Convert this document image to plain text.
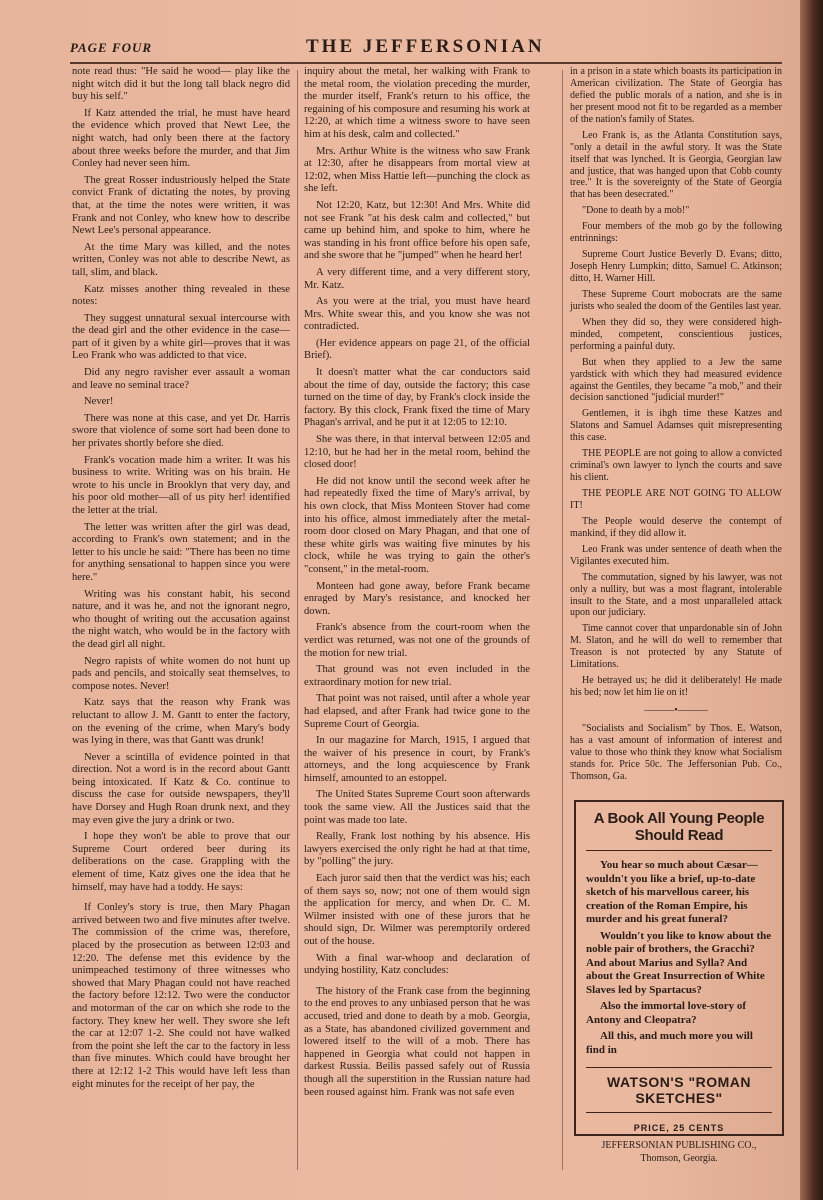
PAGE FOUR	THE JEFFERSONIAN

note read thus: "He said he wood— play like the night witch did it but the long tall black negro did buy his self."

If Katz attended the trial, he must have heard the evidence which proved that Newt Lee, the night watch, had only been there at the factory about three weeks before the murder, and that Jim Conley had never seen him.

The great Rosser industriously helped the State convict Frank of dictating the notes, by proving that, at the time the notes were written, it was Frank and not Conley, who knew how to describe Newt Lee's personal appearance.

At the time Mary was killed, and the notes written, Conley was not able to describe Newt, as tall, slim, and black.

Katz misses another thing revealed in these notes:

They suggest unnatural sexual intercourse with the dead girl and the other evidence in the case—part of it given by a white girl—proves that it was Leo Frank who was addicted to that vice.

Did any negro ravisher ever assault a woman and leave no seminal trace?

Never!

There was none at this case, and yet Dr. Harris swore that violence of some sort had been done to her privates shortly before she died.

Frank's vocation made him a writer. It was his business to write. Writing was on his brain. He wrote to his uncle in Brooklyn that very day, and his poor old mother—all of us pity her! identified the letter at the trial.

The letter was written after the girl was dead, according to Frank's own statement; and in the letter to his uncle he said: "There has been no time for anything sensational to happen since you were here."

Writing was his constant habit, his second nature, and it was he, and not the ignorant negro, who thought of writing out the accusation against the night watch, who would be in the factory with the dead girl all night.

Negro rapists of white women do not hunt up pads and pencils, and stoically seat themselves, to compose notes. Never!

Katz says that the reason why Frank was reluctant to allow J. M. Gantt to enter the factory, on the evening of the crime, when Mary's body was lying in there, was that Gantt was drunk!

Never a scintilla of evidence pointed in that direction. Not a word is in the record about Gantt being intoxicated. If Katz & Co. continue to discuss the case for outside newspapers, they'll have Dorsey and Hugh Roan drunk next, and they may even give the jury a drink or two.

I hope they won't be able to prove that our Supreme Court ordered beer during its deliberations on the case. Grappling with the element of time, Katz gives one the idea that he himself, may have had a toddy. He says:

If Conley's story is true, then Mary Phagan arrived between two and five minutes after twelve. The commission of the crime was, therefore, placed by the prosecution as between 12:03 and 12:20. The defense met this evidence by the unimpeached testimony of three witnesses who showed that Mary Phagan could not have reached the factory before 12:12. Two were the conductor and motorman of the car on which she rode to the factory. They knew her well. They swore she left the car at 12:07 1-2. She could not have walked from the point she left the car to the factory in less than five minutes. Which could have brought her there at 12:12 1-2 This would have left less than eight minutes for the receipt of her pay, the

inquiry about the metal, her walking with Frank to the metal room, the violation preceding the murder, the murder itself, Frank's return to his office, the regaining of his composure and resuming his work at 12:20, at which time a witness swore to have seen him at his desk, calm and collected."

Mrs. Arthur White is the witness who saw Frank at 12:30, after he disappears from mortal view at 12:02, when Miss Hattie left—punching the clock as she left.

Not 12:20, Katz, but 12:30! And Mrs. White did not see Frank "at his desk calm and collected," but came up behind him, and spoke to him, where he was standing in his front office before his open safe, and she swore that he "jumped" when he heard her!

A very different time, and a very different story, Mr. Katz.

As you were at the trial, you must have heard Mrs. White swear this, and you know she was not contradicted.

(Her evidence appears on page 21, of the official Brief).

It doesn't matter what the car conductors said about the time of day, outside the factory; this case turned on the time of day, by Frank's clock inside the factory. By this clock, Frank fixed the time of Mary Phagan's arrival, and he put it at 12:05 to 12:10.

She was there, in that interval between 12:05 and 12:10, but he had her in the metal room, behind the closed door!

He did not know until the second week after he had repeatedly fixed the time of Mary's arrival, by his own clock, that Miss Monteen Stover had come into his office, almost immediately after the metal-room door closed on Mary Phagan, and that one of these white girls was waiting five minutes by his clock, while he was trying to gain the other's "consent," in the metal-room.

Monteen had gone away, before Frank became enraged by Mary's resistance, and knocked her down.

Frank's absence from the court-room when the verdict was returned, was not one of the grounds of the motion for new trial.

That ground was not even included in the extraordinary motion for new trial.

That point was not raised, until after a whole year had elapsed, and after Frank had twice gone to the Supreme Court of Georgia.

In our magazine for March, 1915, I argued that the waiver of his presence in court, by Frank's attorneys, and the long acquiescence by Frank himself, amounted to an estoppel.

The United States Supreme Court soon afterwards took the same view. All the Justices said that the point was made too late.

Really, Frank lost nothing by his absence. His lawyers exercised the only right he had at that time, by "polling" the jury.

Each juror said then that the verdict was his; each of them says so, now; not one of them would sign the application for mercy, and when Dr. C. M. Wilmer insisted with one of these jurors that he should sign, Dr. Wilmer was peremptorily ordered out of the house.

With a final war-whoop and declaration of undying hostility, Katz concludes:

The history of the Frank case from the beginning to the end proves to any unbiased person that he was accused, tried and done to death by a mob. Georgia, as a State, has abandoned civilized government and lowered itself to the will of a mob. There has happened in Georgia what could not happen in darkest Russia. Beilis passed safely out of Russia though all the superstition in the Russian nature had been roused against him. Frank was not safe even

in a prison in a state which boasts its participation in American civilization. The State of Georgia has defied the public morals of a nation, and she is in her present mood not fit to be regarded as a member of the nation's family of States.

Leo Frank is, as the Atlanta Constitution says, "only a detail in the awful story. It was the State itself that was lynched. It is Georgia, Georgian law and justice, that was hanged upon that Cobb county tree." It is the sovereignty of the State of Georgia that has been desecrated."

"Done to death by a mob!"

Four members of the mob go by the following entrinnings:

Supreme Court Justice Beverly D. Evans; ditto, Joseph Henry Lumpkin; ditto, Samuel C. Atkinson; ditto, H. Warner Hill.

These Supreme Court mobocrats are the same jurists who sealed the doom of the Gentiles last year.

When they did so, they were considered high-minded, competent, conscientious justices, performing a painful duty.

But when they applied to a Jew the same yardstick with which they had measured evidence against the Gentiles, they became "a mob," and their decision sanctioned "judicial murder!"

Gentlemen, it is ihgh time these Katzes and Slatons and Samuel Adamses quit misrepresenting this case.

THE PEOPLE are not going to allow a convicted criminal's own lawyer to lynch the courts and save his client.

THE PEOPLE ARE NOT GOING TO ALLOW IT!

The People would deserve the contempt of mankind, if they did allow it.

Leo Frank was under sentence of death when the Vigilantes executed him.

The commutation, signed by his lawyer, was not only a nullity, but was a most flagrant, intolerable insult to the State, and a most unparalleled attack upon our judiciary.

Time cannot cover that unpardonable sin of John M. Slaton, and he will do well to remember that Treason is not protected by any Statute of Limitations.

He betrayed us; he did it deliberately! He made his bed; now let him lie on it!

———•———

"Socialists and Socialism" by Thos. E. Watson, has a vast amount of information of interest and value to those who think they know what Socialism stands for. Price 50c. The Jeffersonian Pub. Co., Thomson, Ga.

A Book All Young People Should Read

You hear so much about Cæsar—wouldn't you like a brief, up-to-date sketch of his marvellous career, his creation of the Roman Empire, his murder and his great funeral?

Wouldn't you like to know about the noble pair of brothers, the Gracchi? And about Marius and Sylla? And about the Great Insurrection of White Slaves led by Spartacus?

Also the immortal love-story of Antony and Cleopatra?

All this, and much more you will find in

WATSON'S "ROMAN SKETCHES"
PRICE, 25 CENTS
JEFFERSONIAN PUBLISHING CO.,
Thomson, Georgia.
